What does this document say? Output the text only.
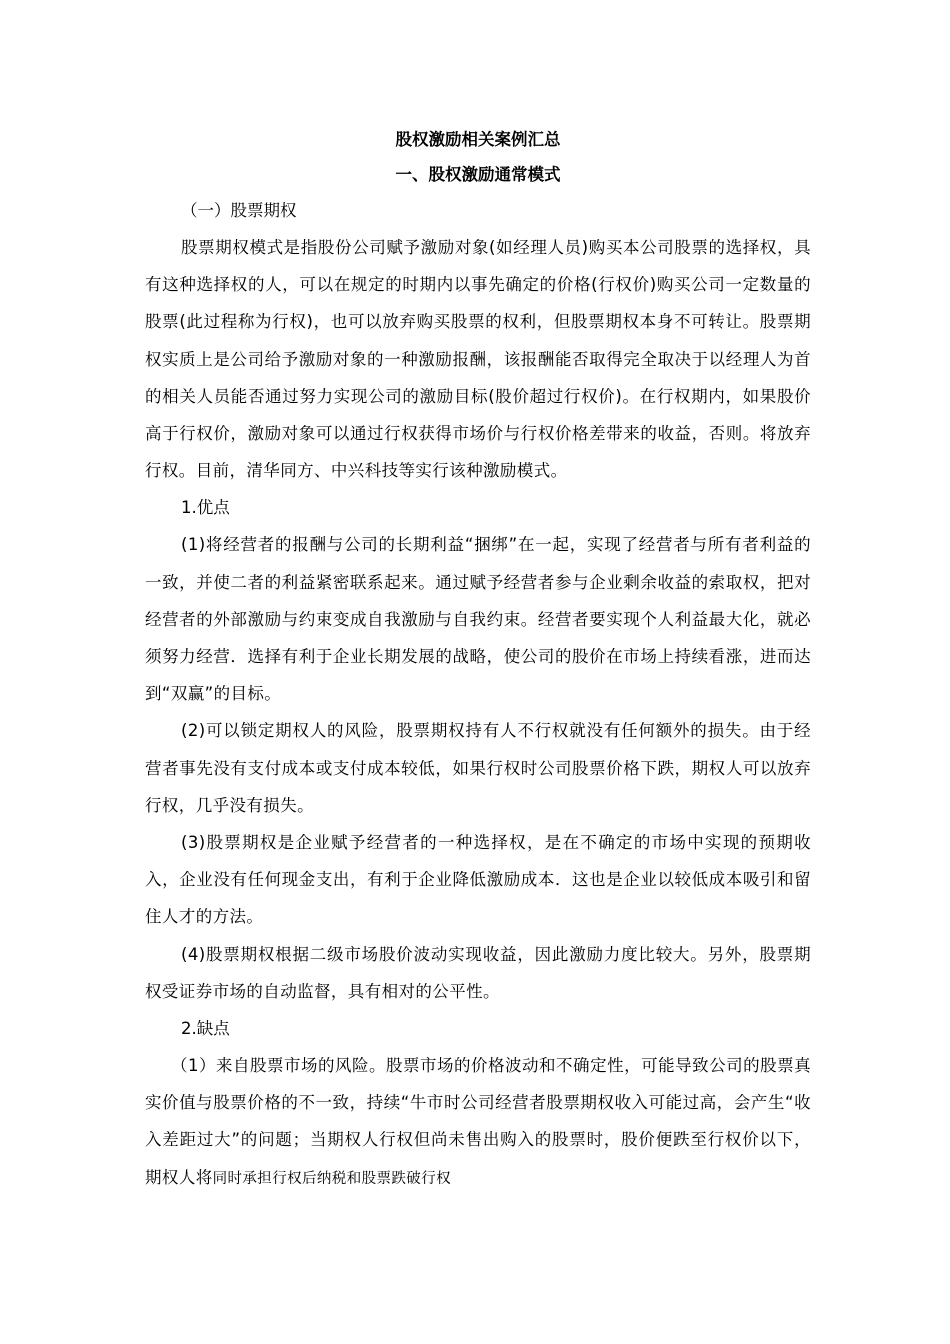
股权激励相关案例汇总
一、股权激励通常模式

（一）股票期权

股票期权模式是指股份公司赋予激励对象(如经理人员)购买本公司股票的选择权，具有这种选择权的人，可以在规定的时期内以事先确定的价格(行权价)购买公司一定数量的股票(此过程称为行权)，也可以放弃购买股票的权利，但股票期权本身不可转让。股票期权实质上是公司给予激励对象的一种激励报酬，该报酬能否取得完全取决于以经理人为首的相关人员能否通过努力实现公司的激励目标(股价超过行权价)。在行权期内，如果股价高于行权价，激励对象可以通过行权获得市场价与行权价格差带来的收益，否则。将放弃行权。目前，清华同方、中兴科技等实行该种激励模式。

1.优点

(1)将经营者的报酬与公司的长期利益“捆绑”在一起，实现了经营者与所有者利益的一致，并使二者的利益紧密联系起来。通过赋予经营者参与企业剩余收益的索取权，把对经营者的外部激励与约束变成自我激励与自我约束。经营者要实现个人利益最大化，就必须努力经营．选择有利于企业长期发展的战略，使公司的股价在市场上持续看涨，进而达到“双赢”的目标。

(2)可以锁定期权人的风险，股票期权持有人不行权就没有任何额外的损失。由于经营者事先没有支付成本或支付成本较低，如果行权时公司股票价格下跌，期权人可以放弃行权，几乎没有损失。

(3)股票期权是企业赋予经营者的一种选择权，是在不确定的市场中实现的预期收入，企业没有任何现金支出，有利于企业降低激励成本．这也是企业以较低成本吸引和留住人才的方法。

(4)股票期权根据二级市场股价波动实现收益，因此激励力度比较大。另外，股票期权受证券市场的自动监督，具有相对的公平性。

2.缺点

（1）来自股票市场的风险。股票市场的价格波动和不确定性，可能导致公司的股票真实价值与股票价格的不一致，持续“牛市时公司经营者股票期权收入可能过高，会产生“收入差距过大”的问题；当期权人行权但尚未售出购入的股票时，股价便跌至行权价以下，期权人将同时承担行权后纳税和股票跌破行权
